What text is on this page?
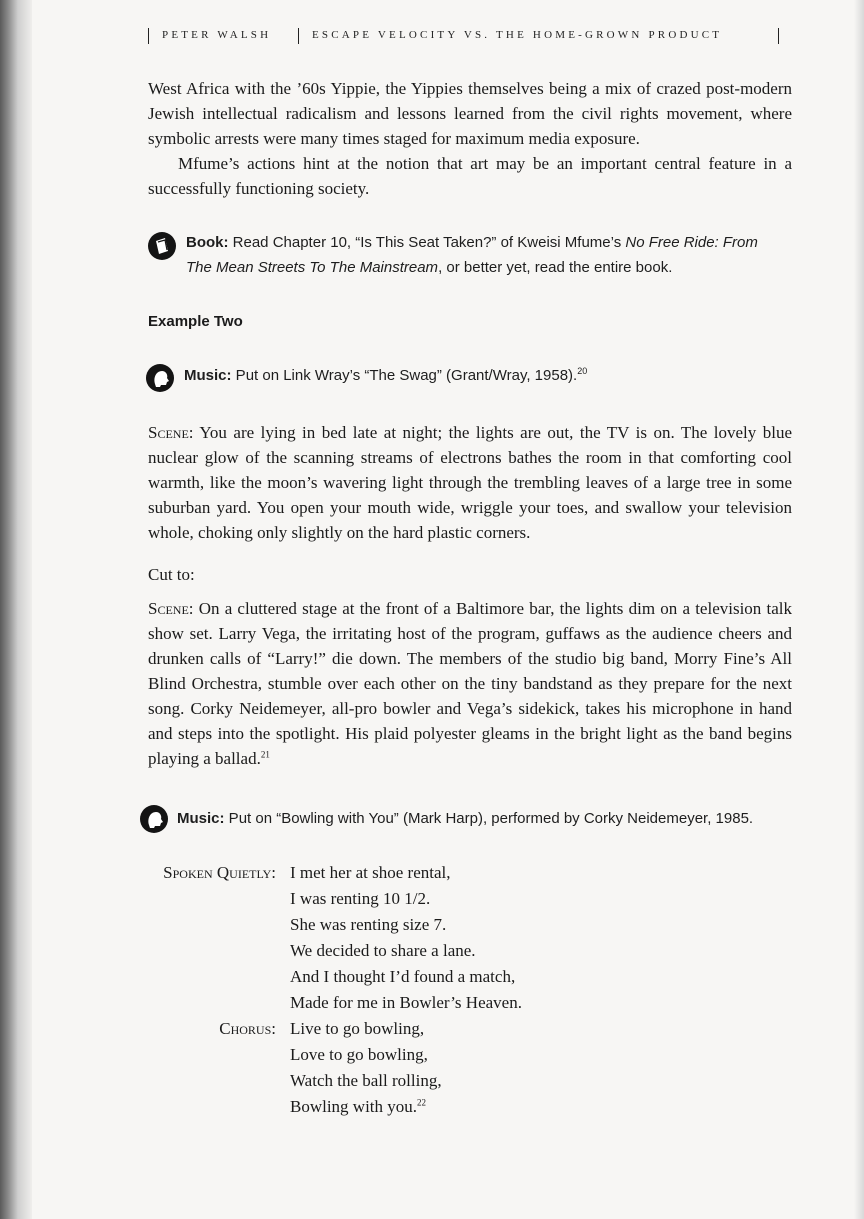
PETER WALSH	ESCAPE VELOCITY VS. THE HOME-GROWN PRODUCT
West Africa with the ’60s Yippie, the Yippies themselves being a mix of crazed post-modern Jewish intellectual radicalism and lessons learned from the civil rights movement, where symbolic arrests were many times staged for maximum media exposure.
Mfume’s actions hint at the notion that art may be an important central feature in a successfully functioning society.
Book: Read Chapter 10, “Is This Seat Taken?” of Kweisi Mfume’s No Free Ride: From The Mean Streets To The Mainstream, or better yet, read the entire book.
Example Two
Music: Put on Link Wray’s “The Swag” (Grant/Wray, 1958).$^{20}$
Scene: You are lying in bed late at night; the lights are out, the TV is on. The lovely blue nuclear glow of the scanning streams of electrons bathes the room in that comforting cool warmth, like the moon’s wavering light through the trembling leaves of a large tree in some suburban yard. You open your mouth wide, wriggle your toes, and swallow your television whole, choking only slightly on the hard plastic corners.
Cut to:
Scene: On a cluttered stage at the front of a Baltimore bar, the lights dim on a television talk show set. Larry Vega, the irritating host of the program, guffaws as the audience cheers and drunken calls of “Larry!” die down. The members of the studio big band, Morry Fine’s All Blind Orchestra, stumble over each other on the tiny bandstand as they prepare for the next song. Corky Neidemeyer, all-pro bowler and Vega’s sidekick, takes his microphone in hand and steps into the spotlight. His plaid polyester gleams in the bright light as the band begins playing a ballad.$^{21}$
Music: Put on “Bowling with You” (Mark Harp), performed by Corky Neidemeyer, 1985.
Spoken Quietly: I met her at shoe rental,
I was renting 10 1/2.
She was renting size 7.
We decided to share a lane.
And I thought I’d found a match,
Made for me in Bowler’s Heaven.
Chorus: Live to go bowling,
Love to go bowling,
Watch the ball rolling,
Bowling with you.$^{22}$
